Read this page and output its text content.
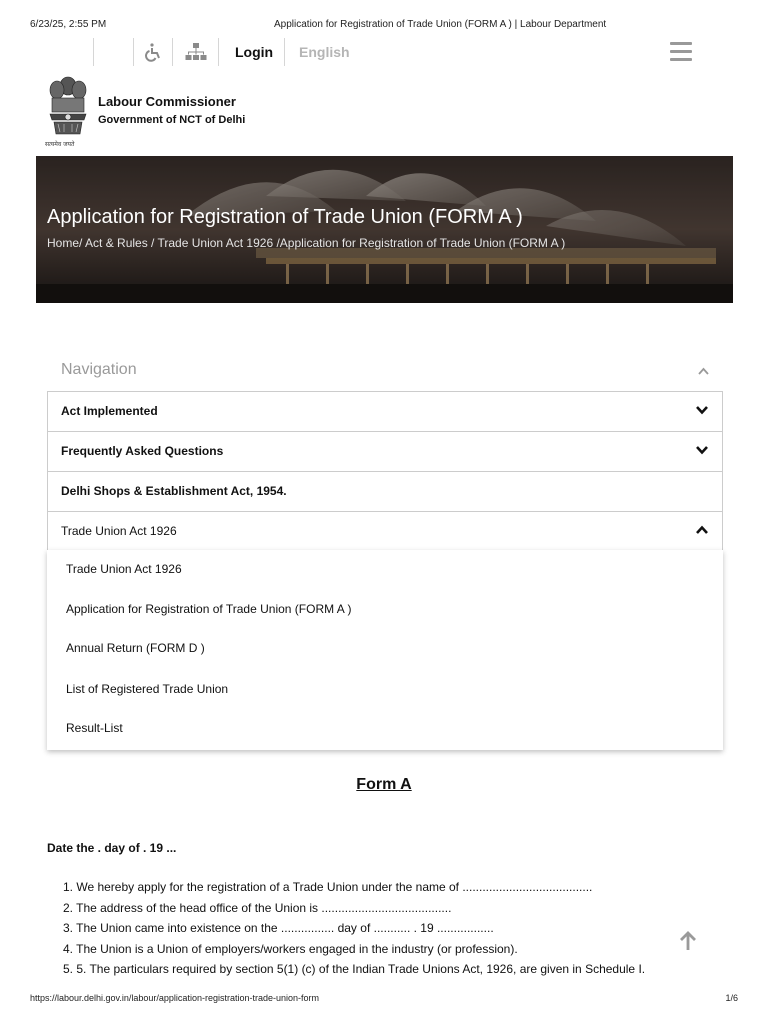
6/23/25, 2:55 PM	Application for Registration of Trade Union (FORM A ) | Labour Department
Login English
सत्यमेव जयते
Labour Commissioner
Government of NCT of Delhi
Application for Registration of Trade Union (FORM A )
Home/ Act & Rules / Trade Union Act 1926 /Application for Registration of Trade Union (FORM A )
Navigation
Act Implemented
Frequently Asked Questions
Delhi Shops & Establishment Act, 1954.
Trade Union Act 1926
Trade Union Act 1926
Application for Registration of Trade Union (FORM A )
Annual Return (FORM D )
List of Registered Trade Union
Result-List
Form A
Date the . day of . 19 ...
1. We hereby apply for the registration of a Trade Union under the name of .......................................
2. The address of the head office of the Union is .......................................
3. The Union came into existence on the ................ day of ........... . 19 .................
4. The Union is a Union of employers/workers engaged in the industry (or profession).
5. 5. The particulars required by section 5(1) (c) of the Indian Trade Unions Act, 1926, are given in Schedule I.
https://labour.delhi.gov.in/labour/application-registration-trade-union-form	1/6
